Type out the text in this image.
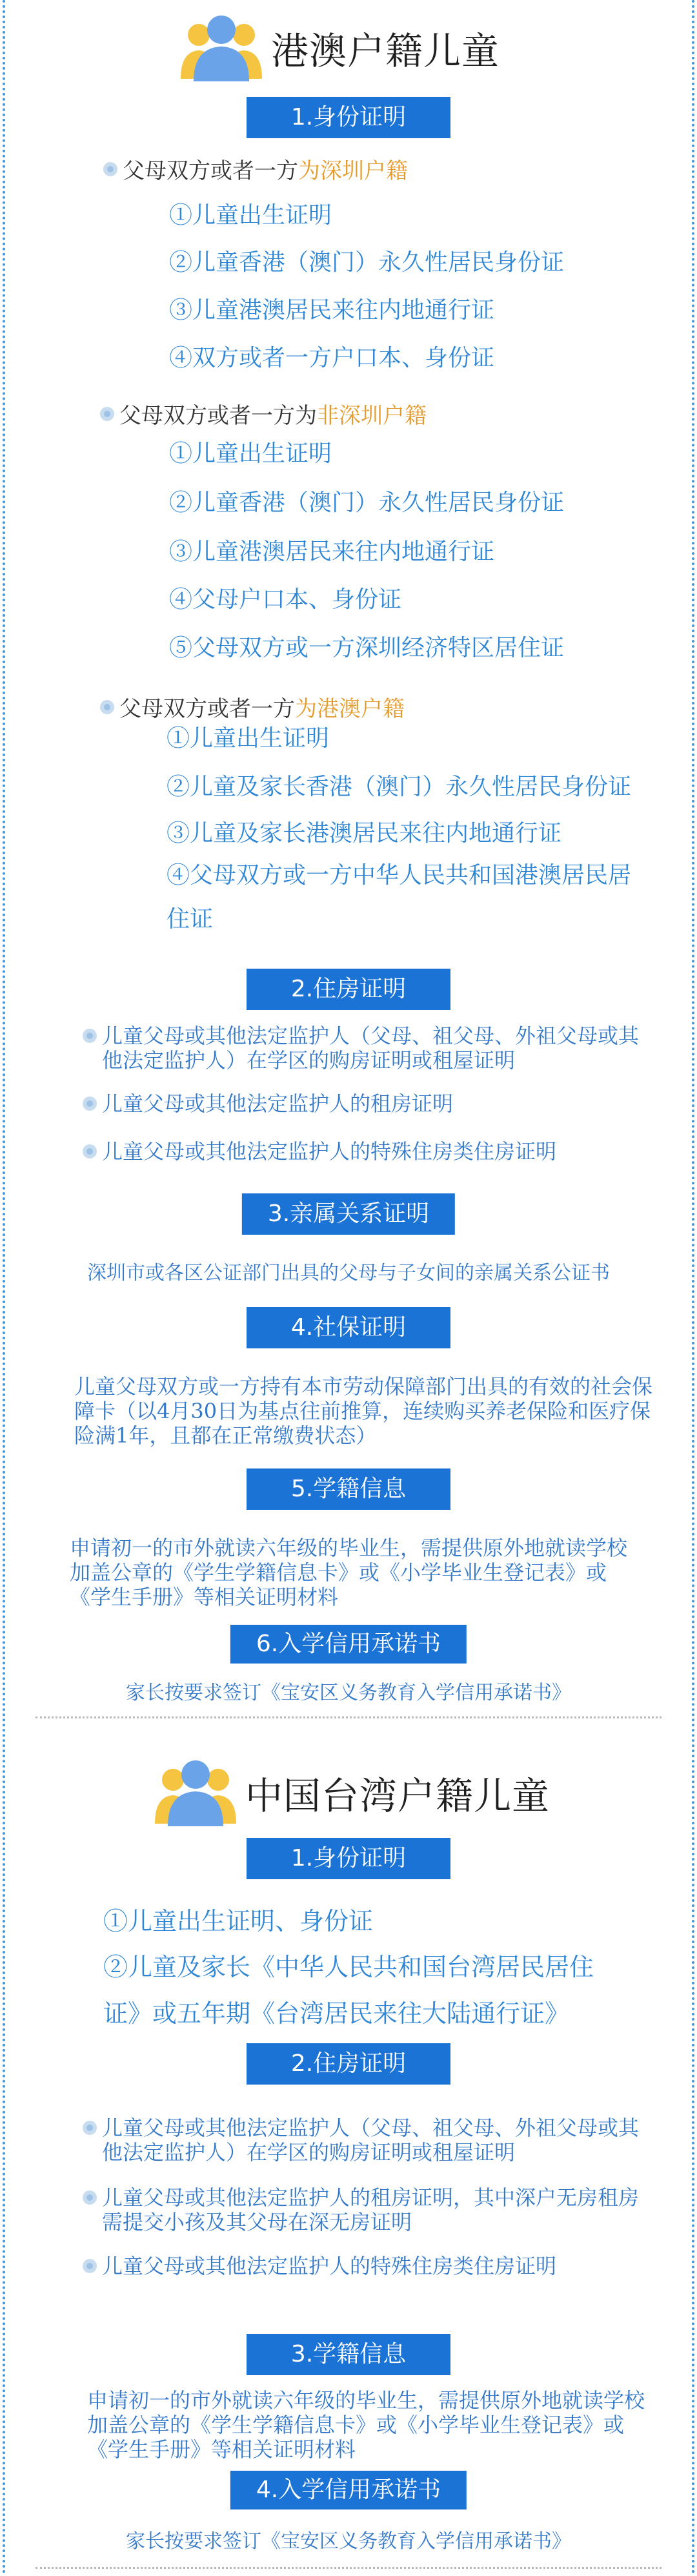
港澳户籍儿童
1.身份证明
父母双方或者一方 为深圳户籍
①儿童出生证明
②儿童香港（澳门）永久性居民身份证
③儿童港澳居民来往内地通行证
④双方或者一方户口本、身份证
父母双方或者一方为 非深圳户籍
①儿童出生证明
②儿童香港（澳门）永久性居民身份证
③儿童港澳居民来往内地通行证
④父母户口本、身份证
⑤父母双方或一方深圳经济特区居住证
父母双方或者一方 为港澳户籍
①儿童出生证明
②儿童及家长香港（澳门）永久性居民身份证
③儿童及家长港澳居民来往内地通行证
④父母双方或一方中华人民共和国港澳居民居住证
2.住房证明
儿童父母或其他法定监护人（父母、祖父母、外祖父母或其他法定监护人）在学区的购房证明或租屋证明
儿童父母或其他法定监护人的租房证明
儿童父母或其他法定监护人的特殊住房类住房证明
3.亲属关系证明
深圳市或各区公证部门出具的父母与子女间的亲属关系公证书
4.社保证明
儿童父母双方或一方持有本市劳动保障部门出具的有效的社会保障卡（以4月30日为基点往前推算，连续购买养老保险和医疗保险满1年，且都在正常缴费状态）
5.学籍信息
申请初一的市外就读六年级的毕业生，需提供原外地就读学校加盖公章的《学生学籍信息卡》或《小学毕业生登记表》或《学生手册》等相关证明材料
6.入学信用承诺书
家长按要求签订《宝安区义务教育入学信用承诺书》
中国台湾户籍儿童
1.身份证明
①儿童出生证明、身份证
②儿童及家长《中华人民共和国台湾居民居住证》或五年期《台湾居民来往大陆通行证》
2.住房证明
儿童父母或其他法定监护人（父母、祖父母、外祖父母或其他法定监护人）在学区的购房证明或租屋证明
儿童父母或其他法定监护人的租房证明，其中深户无房租房需提交小孩及其父母在深无房证明
儿童父母或其他法定监护人的特殊住房类住房证明
3.学籍信息
申请初一的市外就读六年级的毕业生，需提供原外地就读学校加盖公章的《学生学籍信息卡》或《小学毕业生登记表》或《学生手册》等相关证明材料
4.入学信用承诺书
家长按要求签订《宝安区义务教育入学信用承诺书》
